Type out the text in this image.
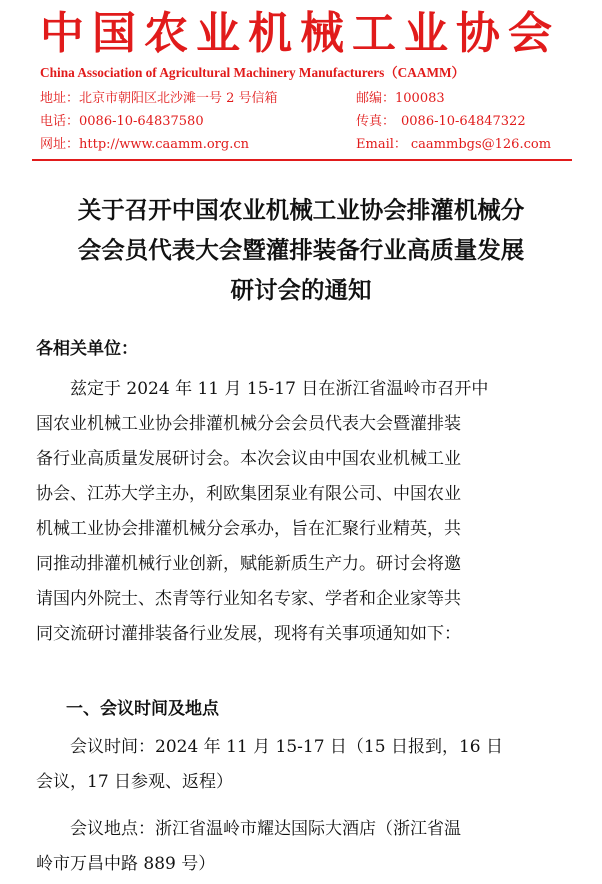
中国农业机械工业协会
China Association of Agricultural Machinery Manufacturers（CAAMM）
地址：北京市朝阳区北沙滩一号 2 号信箱	邮编：100083
电话：0086-10-64837580	传真： 0086-10-64847322
网址：http://www.caamm.org.cn	Email： caammbgs@126.com
关于召开中国农业机械工业协会排灌机械分
会会员代表大会暨灌排装备行业高质量发展
研讨会的通知
各相关单位：
兹定于 2024 年 11 月 15-17 日在浙江省温岭市召开中
国农业机械工业协会排灌机械分会会员代表大会暨灌排装
备行业高质量发展研讨会。本次会议由中国农业机械工业
协会、江苏大学主办，利欧集团泵业有限公司、中国农业
机械工业协会排灌机械分会承办，旨在汇聚行业精英，共
同推动排灌机械行业创新，赋能新质生产力。研讨会将邀
请国内外院士、杰青等行业知名专家、学者和企业家等共
同交流研讨灌排装备行业发展，现将有关事项通知如下：
一、会议时间及地点
会议时间：2024 年 11 月 15-17 日（15 日报到，16 日
会议，17 日参观、返程）
会议地点：浙江省温岭市耀达国际大酒店（浙江省温
岭市万昌中路 889 号）
